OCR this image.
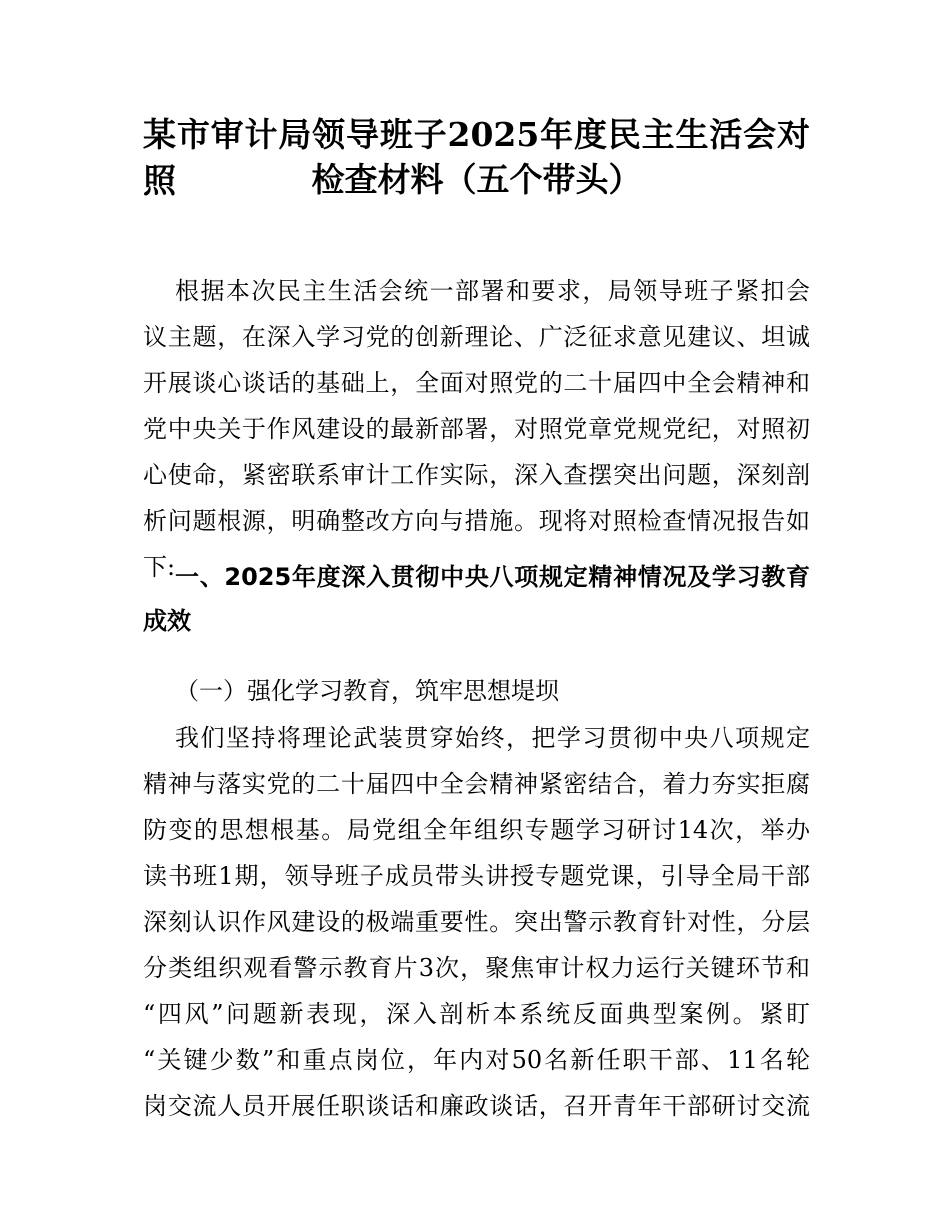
某市审计局领导班子2025年度民主生活会对照	检查材料（五个带头）
根据本次民主生活会统一部署和要求，局领导班子紧扣会
议主题，在深入学习党的创新理论、广泛征求意见建议、坦诚
开展谈心谈话的基础上，全面对照党的二十届四中全会精神和
党中央关于作风建设的最新部署，对照党章党规党纪，对照初
心使命，紧密联系审计工作实际，深入查摆突出问题，深刻剖
析问题根源，明确整改方向与措施。现将对照检查情况报告如
下: 一、2025年度深入贯彻中央八项规定精神情况及学习教育
成效
（一）强化学习教育，筑牢思想堤坝
我们坚持将理论武装贯穿始终，把学习贯彻中央八项规定
精神与落实党的二十届四中全会精神紧密结合，着力夯实拒腐
防变的思想根基。局党组全年组织专题学习研讨14次，举办
读书班1期，领导班子成员带头讲授专题党课，引导全局干部
深刻认识作风建设的极端重要性。突出警示教育针对性，分层
分类组织观看警示教育片3次，聚焦审计权力运行关键环节和
“四风”问题新表现，深入剖析本系统反面典型案例。紧盯
“关键少数”和重点岗位，年内对50名新任职干部、11名轮
岗交流人员开展任职谈话和廉政谈话，召开青年干部研讨交流
